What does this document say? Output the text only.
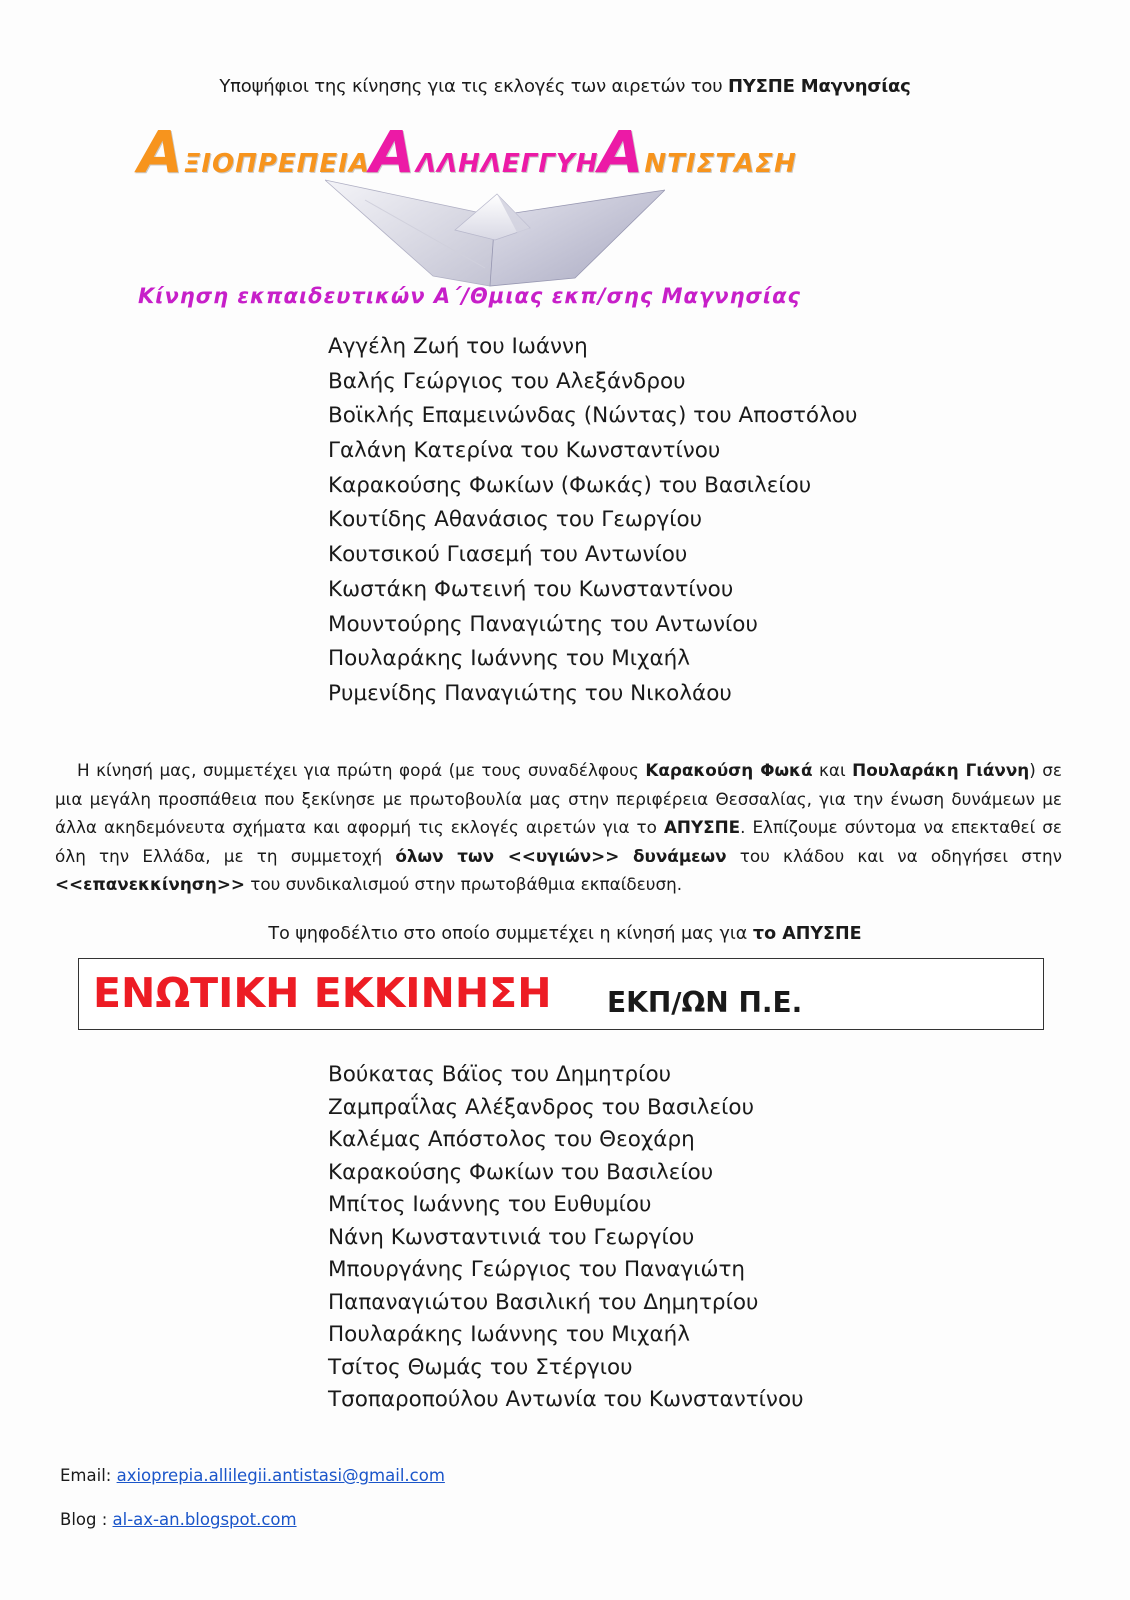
Υποψήφιοι της κίνησης για τις εκλογές των αιρετών του ΠΥΣΠΕ Μαγνησίας
ΑΞΙΟΠΡΕΠΕΙΑΑΛΛΗΛΕΓΓΥΗΑΝΤΙΣΤΑΣΗ
Κίνηση εκπαιδευτικών Α΄/Θμιας εκπ/σης Μαγνησίας
Αγγέλη Ζωή του Ιωάννη
Βαλής Γεώργιος του Αλεξάνδρου
Βοϊκλής Επαμεινώνδας (Νώντας) του Αποστόλου
Γαλάνη Κατερίνα του Κωνσταντίνου
Καρακούσης Φωκίων (Φωκάς) του Βασιλείου
Κουτίδης Αθανάσιος του Γεωργίου
Κουτσικού Γιασεμή του Αντωνίου
Κωστάκη Φωτεινή του Κωνσταντίνου
Μουντούρης Παναγιώτης του Αντωνίου
Πουλαράκης Ιωάννης του Μιχαήλ
Ρυμενίδης Παναγιώτης του Νικολάου
Η κίνησή μας, συμμετέχει για πρώτη φορά (με τους συναδέλφους Καρακούση Φωκά και Πουλαράκη Γιάννη) σε μια μεγάλη προσπάθεια που ξεκίνησε με πρωτοβουλία μας στην περιφέρεια Θεσσαλίας, για την ένωση δυνάμεων με άλλα ακηδεμόνευτα σχήματα και αφορμή τις εκλογές αιρετών για το ΑΠΥΣΠΕ. Ελπίζουμε σύντομα να επεκταθεί σε όλη την Ελλάδα, με τη συμμετοχή όλων των <<υγιών>> δυνάμεων του κλάδου και να οδηγήσει στην <<επανεκκίνηση>> του συνδικαλισμού στην πρωτοβάθμια εκπαίδευση.
Το ψηφοδέλτιο στο οποίο συμμετέχει η κίνησή μας για το ΑΠΥΣΠΕ
ΕΝΩΤΙΚΗ ΕΚΚΙΝΗΣΗ ΕΚΠ/ΩΝ Π.Ε.
Βούκατας Βάϊος του Δημητρίου
Ζαμπραΐλας Αλέξανδρος του Βασιλείου
Καλέμας Απόστολος του Θεοχάρη
Καρακούσης Φωκίων του Βασιλείου
Μπίτος Ιωάννης του Ευθυμίου
Νάνη Κωνσταντινιά του Γεωργίου
Μπουργάνης Γεώργιος του Παναγιώτη
Παπαναγιώτου Βασιλική του Δημητρίου
Πουλαράκης Ιωάννης του Μιχαήλ
Τσίτος Θωμάς του Στέργιου
Τσοπαροπούλου Αντωνία του Κωνσταντίνου
Email: axioprepia.allilegii.antistasi@gmail.com
Blog : al-ax-an.blogspot.com
